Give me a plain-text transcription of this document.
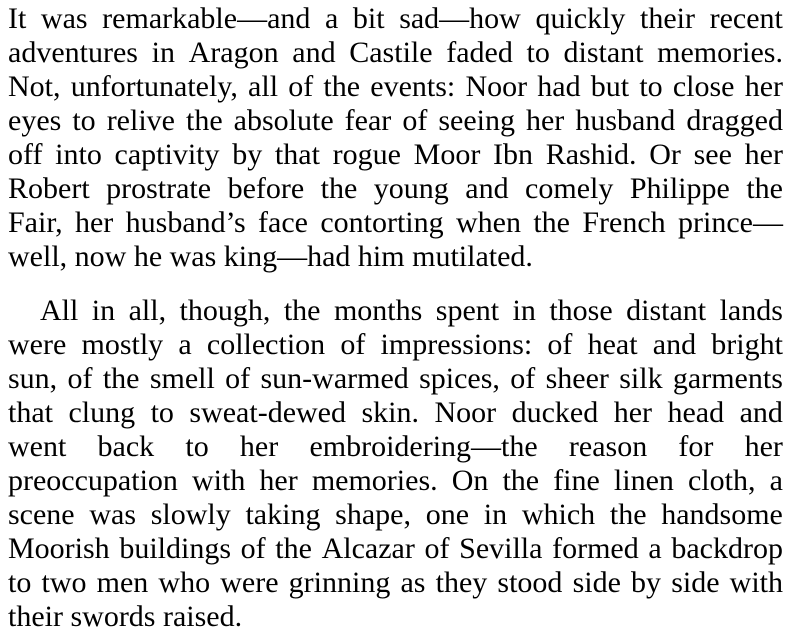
It was remarkable—and a bit sad—how quickly their recent
adventures in Aragon and Castile faded to distant memories.
Not, unfortunately, all of the events: Noor had but to close her
eyes to relive the absolute fear of seeing her husband dragged
off into captivity by that rogue Moor Ibn Rashid. Or see her
Robert prostrate before the young and comely Philippe the
Fair, her husband’s face contorting when the French prince—
well, now he was king—had him mutilated.
All in all, though, the months spent in those distant lands
were mostly a collection of impressions: of heat and bright
sun, of the smell of sun-warmed spices, of sheer silk garments
that clung to sweat-dewed skin. Noor ducked her head and
went back to her embroidering—the reason for her
preoccupation with her memories. On the fine linen cloth, a
scene was slowly taking shape, one in which the handsome
Moorish buildings of the Alcazar of Sevilla formed a backdrop
to two men who were grinning as they stood side by side with
their swords raised.
